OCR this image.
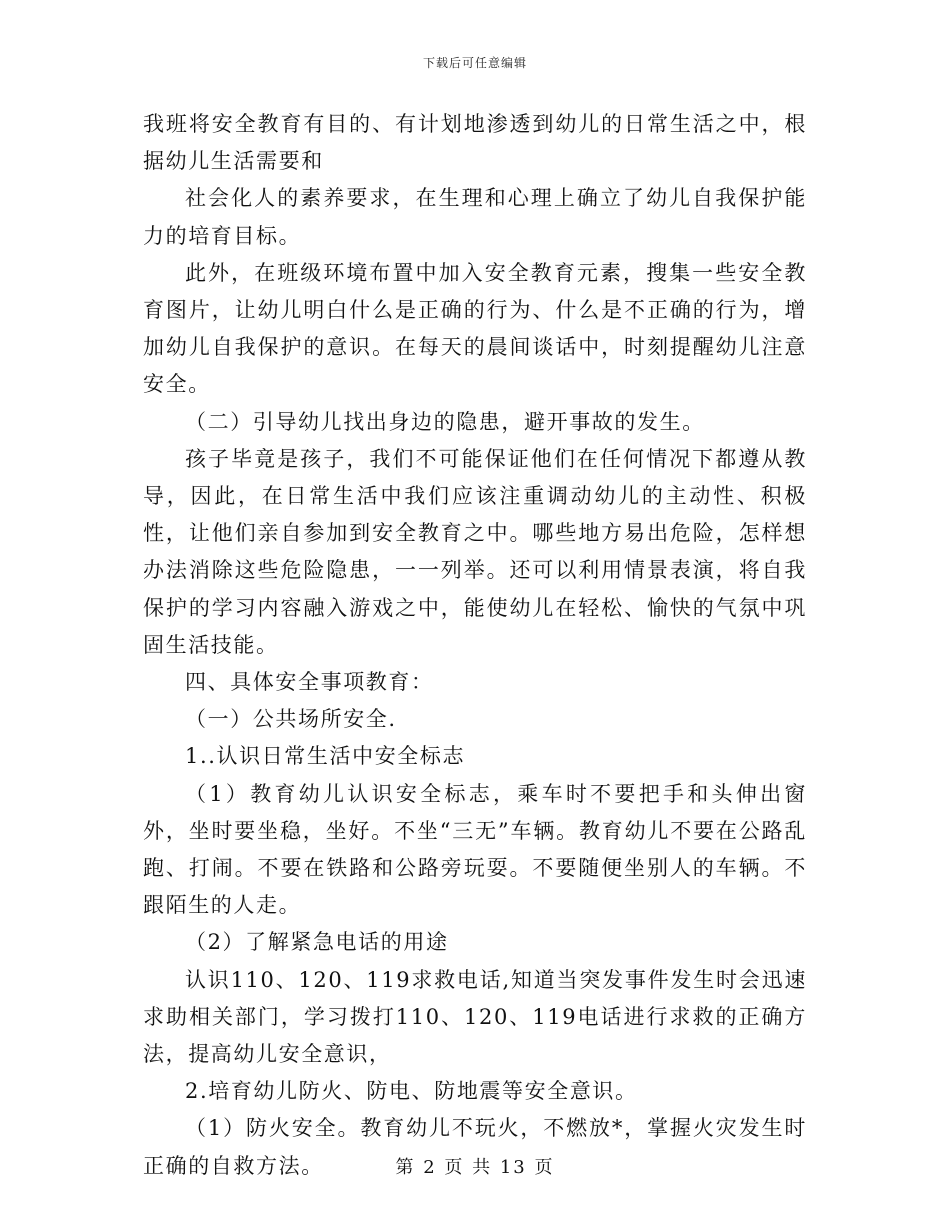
下载后可任意编辑

我班将安全教育有目的、有计划地渗透到幼儿的日常生活之中，根据幼儿生活需要和

社会化人的素养要求，在生理和心理上确立了幼儿自我保护能力的培育目标。

此外，在班级环境布置中加入安全教育元素，搜集一些安全教育图片，让幼儿明白什么是正确的行为、什么是不正确的行为，增加幼儿自我保护的意识。在每天的晨间谈话中，时刻提醒幼儿注意安全。

（二）引导幼儿找出身边的隐患，避开事故的发生。

孩子毕竟是孩子，我们不可能保证他们在任何情况下都遵从教导，因此，在日常生活中我们应该注重调动幼儿的主动性、积极性，让他们亲自参加到安全教育之中。哪些地方易出危险，怎样想办法消除这些危险隐患，一一列举。还可以利用情景表演，将自我保护的学习内容融入游戏之中，能使幼儿在轻松、愉快的气氛中巩固生活技能。

四、具体安全事项教育：

（一）公共场所安全.

1..认识日常生活中安全标志

（1）教育幼儿认识安全标志，乘车时不要把手和头伸出窗外，坐时要坐稳，坐好。不坐“三无”车辆。教育幼儿不要在公路乱跑、打闹。不要在铁路和公路旁玩耍。不要随便坐别人的车辆。不跟陌生的人走。

（2）了解紧急电话的用途

认识110、120、119求救电话,知道当突发事件发生时会迅速求助相关部门，学习拨打110、120、119电话进行求救的正确方法，提高幼儿安全意识，

2.培育幼儿防火、防电、防地震等安全意识。

（1）防火安全。教育幼儿不玩火，不燃放*，掌握火灾发生时正确的自救方法。	第 2 页 共 13 页
